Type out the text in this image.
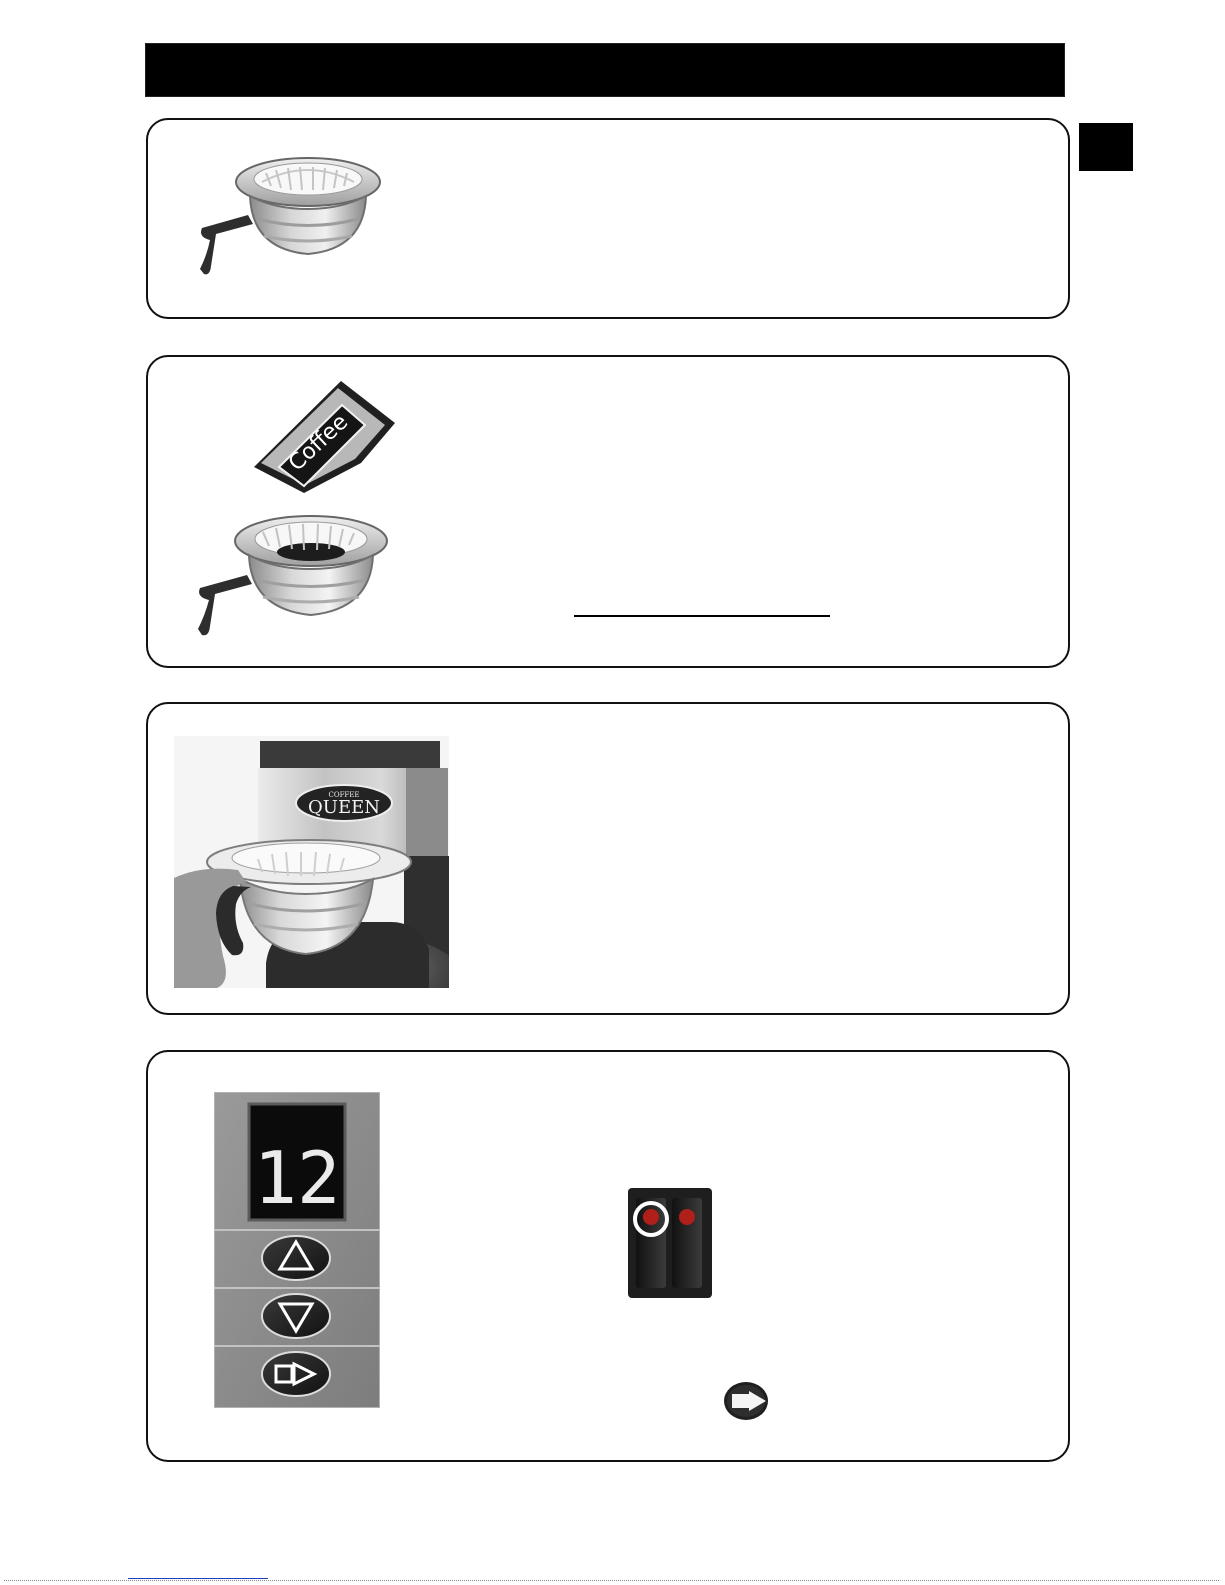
Coffee
COFFEE
QUEEN
12
